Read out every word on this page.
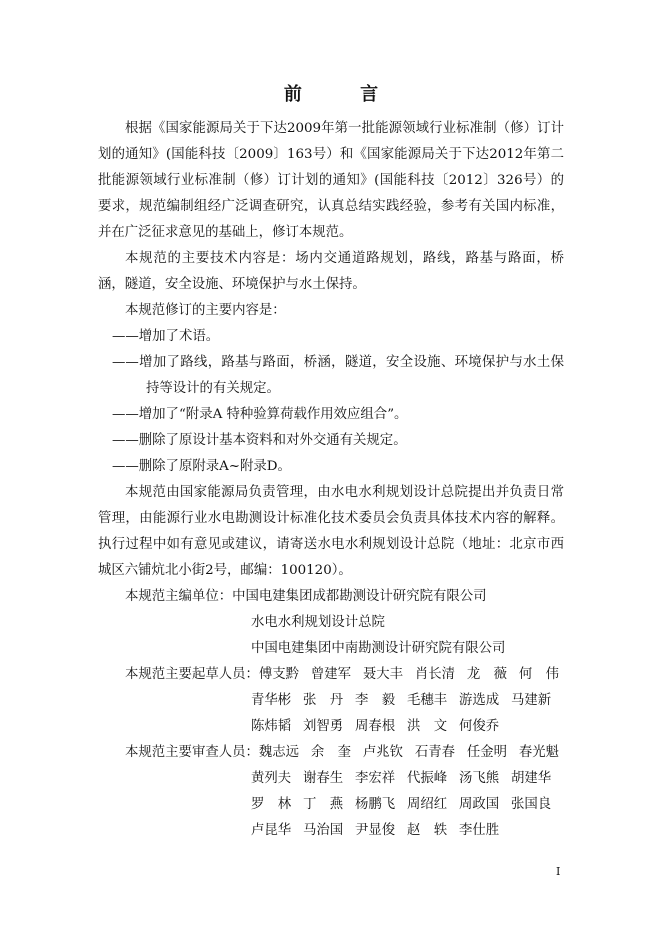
前 言

根据《国家能源局关于下达2009年第一批能源领域行业标准制（修）订计划的通知》(国能科技〔2009〕163号）和《国家能源局关于下达2012年第二批能源领域行业标准制（修）订计划的通知》(国能科技〔2012〕326号）的要求，规范编制组经广泛调查研究，认真总结实践经验，参考有关国内标准，并在广泛征求意见的基础上，修订本规范。

本规范的主要技术内容是：场内交通道路规划，路线，路基与路面，桥涵，隧道，安全设施、环境保护与水土保持。

本规范修订的主要内容是：

——增加了术语。

——增加了路线，路基与路面，桥涵，隧道，安全设施、环境保护与水土保持等设计的有关规定。

——增加了“附录A 特种验算荷载作用效应组合”。

——删除了原设计基本资料和对外交通有关规定。

——删除了原附录A~附录D。

本规范由国家能源局负责管理，由水电水利规划设计总院提出并负责日常管理，由能源行业水电勘测设计标准化技术委员会负责具体技术内容的解释。执行过程中如有意见或建议，请寄送水电水利规划设计总院（地址：北京市西城区六铺炕北小街2号，邮编：100120）。

本规范主编单位： 中国电建集团成都勘测设计研究院有限公司
水电水利规划设计总院
中国电建集团中南勘测设计研究院有限公司
本规范主要起草人员： 傅支黔 曾建军 聂大丰 肖长清 龙　薇 何　伟
青华彬 张　丹 李　毅 毛穗丰 游选成 马建新
陈炜韬 刘智勇 周春根 洪　文 何俊乔
本规范主要审查人员： 魏志远 余　奎 卢兆钦 石青春 任金明 春光魁
黄列夫 谢春生 李宏祥 代振峰 汤飞熊 胡建华
罗　林 丁　燕 杨鹏飞 周绍红 周政国 张国良
卢昆华 马治国 尹显俊 赵　轶 李仕胜
I
